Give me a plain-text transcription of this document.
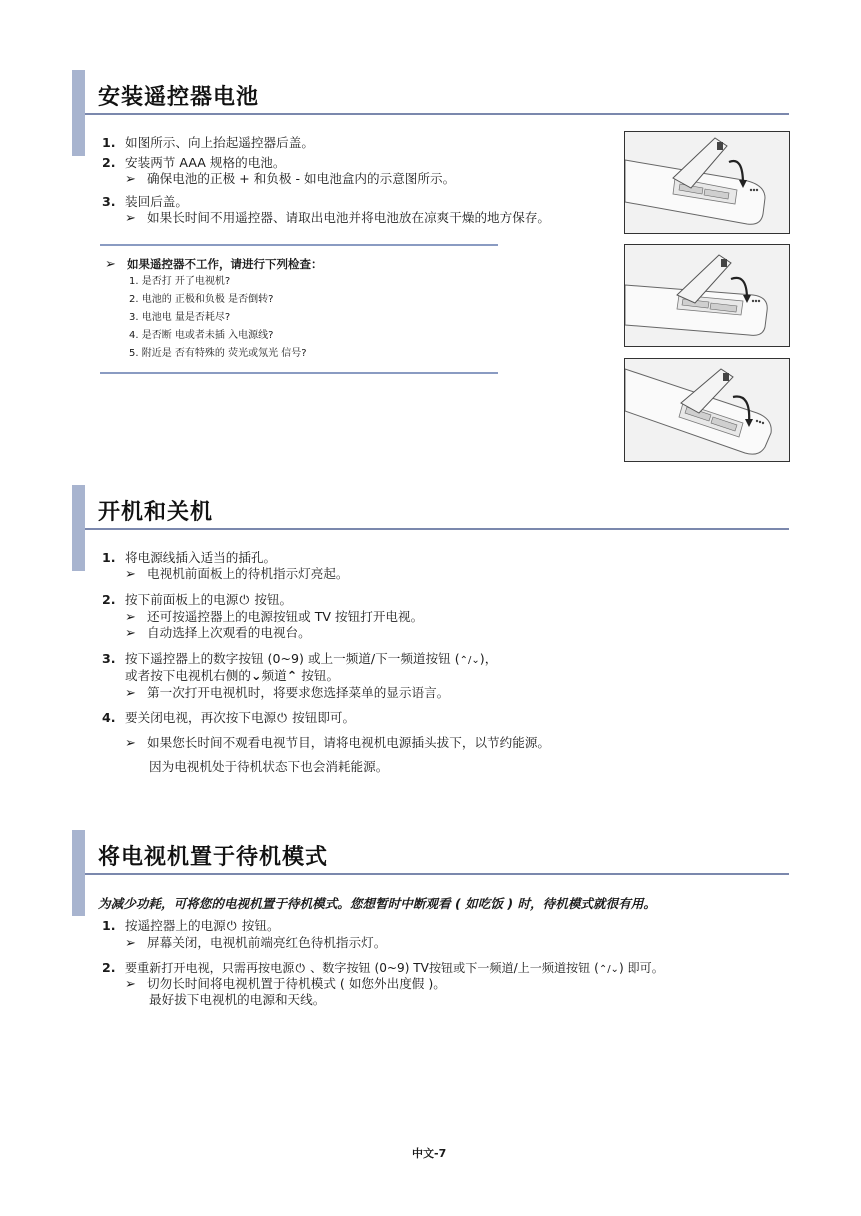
安装遥控器电池
1. 如图所示、向上抬起遥控器后盖。
2. 安装两节 AAA 规格的电池。
➢ 确保电池的正极 + 和负极 - 如电池盒内的示意图所示。
3. 装回后盖。
➢ 如果长时间不用遥控器、请取出电池并将电池放在凉爽干燥的地方保存。
➢ 如果遥控器不工作，请进行下列检查：
1. 是否打 开了电视机?
2. 电池的 正极和负极 是否倒转?
3. 电池电 量是否耗尽?
4. 是否断 电或者未插 入电源线?
5. 附近是 否有特殊的 荧光或氖光 信号?
开机和关机
1. 将电源线插入适当的插孔。
➢ 电视机前面板上的待机指示灯亮起。
2. 按下前面板上的电源⏻ 按钮。
➢ 还可按遥控器上的电源按钮或 TV 按钮打开电视。
➢ 自动选择上次观看的电视台。
3. 按下遥控器上的数字按钮 (0~9) 或上一频道/下一频道按钮 (⌃/⌄)，
或者按下电视机右侧的⌄频道⌃ 按钮。
➢ 第一次打开电视机时，将要求您选择菜单的显示语言。
4. 要关闭电视，再次按下电源⏻ 按钮即可。
➢ 如果您长时间不观看电视节目，请将电视机电源插头拔下，以节约能源。
因为电视机处于待机状态下也会消耗能源。
将电视机置于待机模式
为减少功耗，可将您的电视机置于待机模式。您想暂时中断观看 ( 如吃饭 ) 时，待机模式就很有用。
1. 按遥控器上的电源⏻ 按钮。
➢ 屏幕关闭，电视机前端亮红色待机指示灯。
2. 要重新打开电视，只需再按电源⏻ 、数字按钮 (0~9) TV按钮或下一频道/上一频道按钮 (⌃/⌄) 即可。
➢ 切勿长时间将电视机置于待机模式 ( 如您外出度假 )。
最好拔下电视机的电源和天线。
中文-7
